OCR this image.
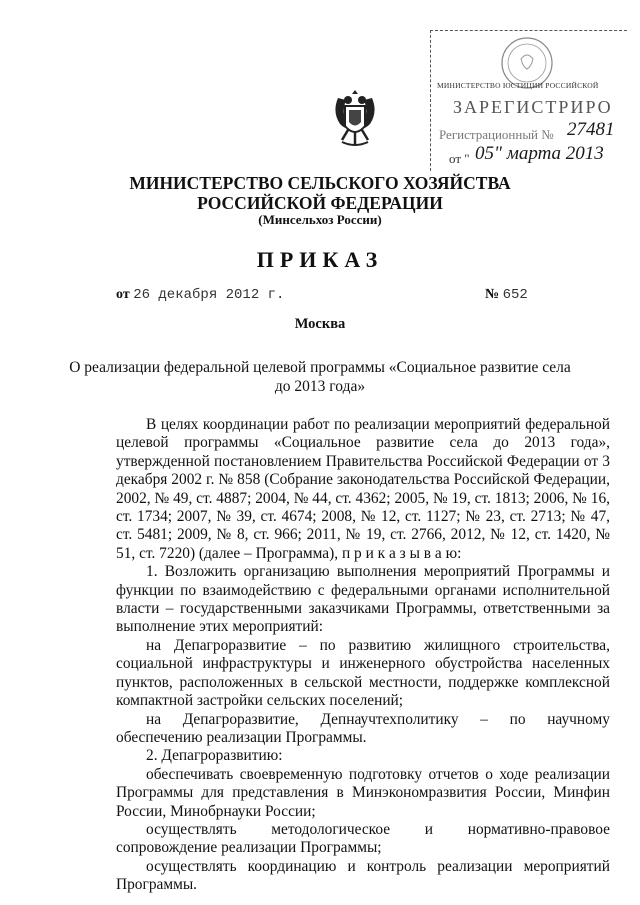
МИНИСТЕРСТВО ЮСТИЦИИ РОССИЙСКОЙ
ЗАРЕГИСТРИРО
Регистрационный № 27481
от " 05" марта 2013
МИНИСТЕРСТВО СЕЛЬСКОГО ХОЗЯЙСТВА
РОССИЙСКОЙ ФЕДЕРАЦИИ
(Минсельхоз России)
ПРИКАЗ
от 26 декабря 2012 г.	№ 652
Москва
О реализации федеральной целевой программы «Социальное развитие села
до 2013 года»

В целях координации работ по реализации мероприятий федеральной целевой программы «Социальное развитие села до 2013 года», утвержденной постановлением Правительства Российской Федерации от 3 декабря 2002 г. № 858 (Собрание законодательства Российской Федерации, 2002, № 49, ст. 4887; 2004, № 44, ст. 4362; 2005, № 19, ст. 1813; 2006, № 16, ст. 1734; 2007, № 39, ст. 4674; 2008, № 12, ст. 1127; № 23, ст. 2713; № 47, ст. 5481; 2009, № 8, ст. 966; 2011, № 19, ст. 2766, 2012, № 12, ст. 1420, № 51, ст. 7220) (далее – Программа), п р и к а з ы в а ю:

1. Возложить организацию выполнения мероприятий Программы и функции по взаимодействию с федеральными органами исполнительной власти – государственными заказчиками Программы, ответственными за выполнение этих мероприятий:

на Депагроразвитие – по развитию жилищного строительства, социальной инфраструктуры и инженерного обустройства населенных пунктов, расположенных в сельской местности, поддержке комплексной компактной застройки сельских поселений;

на Депагроразвитие, Депнаучтехполитику – по научному обеспечению реализации Программы.

2. Депагроразвитию:

обеспечивать своевременную подготовку отчетов о ходе реализации Программы для представления в Минэкономразвития России, Минфин России, Минобрнауки России;

осуществлять методологическое и нормативно-правовое сопровождение реализации Программы;

осуществлять координацию и контроль реализации мероприятий Программы.
